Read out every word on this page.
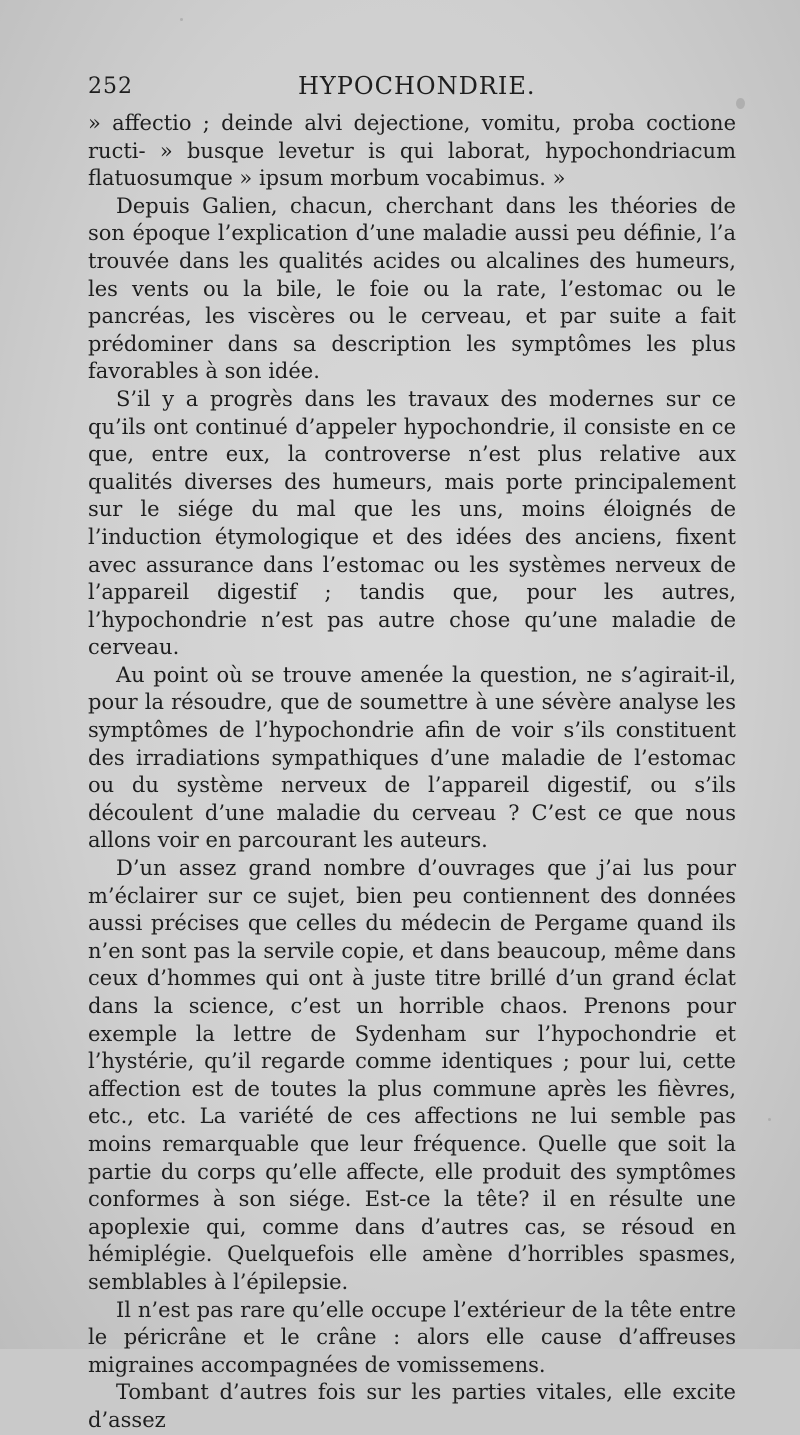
252	HYPOCHONDRIE.

» affectio ; deinde alvi dejectione, vomitu, proba coctione ructi- » busque levetur is qui laborat, hypochondriacum flatuosumque » ipsum morbum vocabimus. »

Depuis Galien, chacun, cherchant dans les théories de son époque l’explication d’une maladie aussi peu définie, l’a trouvée dans les qualités acides ou alcalines des humeurs, les vents ou la bile, le foie ou la rate, l’estomac ou le pancréas, les viscères ou le cerveau, et par suite a fait prédominer dans sa description les symptômes les plus favorables à son idée.

S’il y a progrès dans les travaux des modernes sur ce qu’ils ont continué d’appeler hypochondrie, il consiste en ce que, entre eux, la controverse n’est plus relative aux qualités diverses des humeurs, mais porte principalement sur le siége du mal que les uns, moins éloignés de l’induction étymologique et des idées des anciens, fixent avec assurance dans l’estomac ou les systèmes nerveux de l’appareil digestif ; tandis que, pour les autres, l’hypochondrie n’est pas autre chose qu’une maladie de cerveau.

Au point où se trouve amenée la question, ne s’agirait-il, pour la résoudre, que de soumettre à une sévère analyse les symptômes de l’hypochondrie afin de voir s’ils constituent des irradiations sympathiques d’une maladie de l’estomac ou du système nerveux de l’appareil digestif, ou s’ils découlent d’une maladie du cerveau ? C’est ce que nous allons voir en parcourant les auteurs.

D’un assez grand nombre d’ouvrages que j’ai lus pour m’éclairer sur ce sujet, bien peu contiennent des données aussi précises que celles du médecin de Pergame quand ils n’en sont pas la servile copie, et dans beaucoup, même dans ceux d’hommes qui ont à juste titre brillé d’un grand éclat dans la science, c’est un horrible chaos. Prenons pour exemple la lettre de Sydenham sur l’hypochondrie et l’hystérie, qu’il regarde comme identiques ; pour lui, cette affection est de toutes la plus commune après les fièvres, etc., etc. La variété de ces affections ne lui semble pas moins remarquable que leur fréquence. Quelle que soit la partie du corps qu’elle affecte, elle produit des symptômes conformes à son siége. Est-ce la tête? il en résulte une apoplexie qui, comme dans d’autres cas, se résoud en hémiplégie. Quelquefois elle amène d’horribles spasmes, semblables à l’épilepsie.

Il n’est pas rare qu’elle occupe l’extérieur de la tête entre le péricrâne et le crâne : alors elle cause d’affreuses migraines accompagnées de vomissemens.

Tombant d’autres fois sur les parties vitales, elle excite d’assez
